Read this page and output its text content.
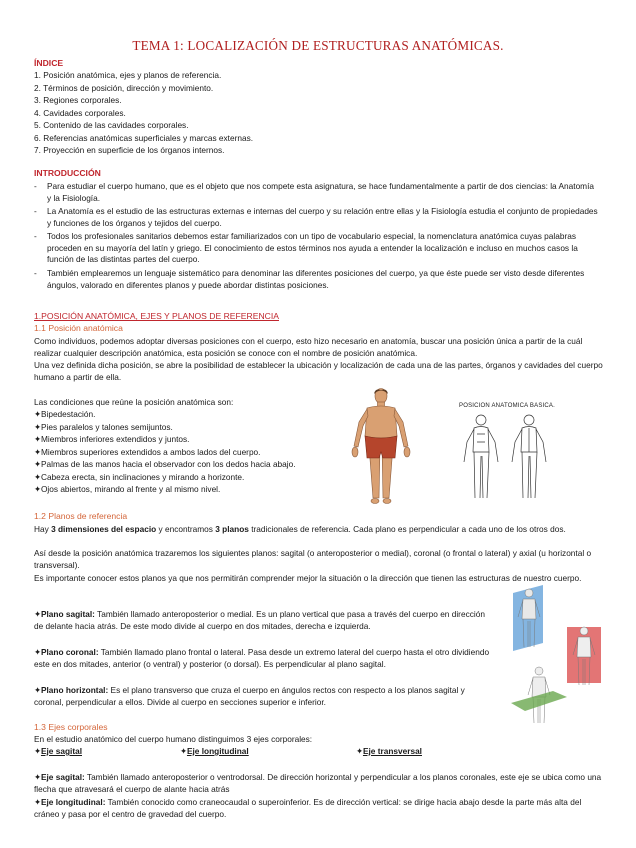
TEMA 1: LOCALIZACIÓN DE ESTRUCTURAS ANATÓMICAS.
ÍNDICE
1. Posición anatómica, ejes y planos de referencia.
2. Términos de posición, dirección y movimiento.
3. Regiones corporales.
4. Cavidades corporales.
5. Contenido de las cavidades corporales.
6. Referencias anatómicas superficiales y marcas externas.
7. Proyección en superficie de los órganos internos.
INTRODUCCIÓN
-	Para estudiar el cuerpo humano, que es el objeto que nos compete esta asignatura, se hace fundamentalmente a partir de dos ciencias: la Anatomía y la Fisiología.
-	La Anatomía es el estudio de las estructuras externas e internas del cuerpo y su relación entre ellas y la Fisiología estudia el conjunto de propiedades y funciones de los órganos y tejidos del cuerpo.
-	Todos los profesionales sanitarios debemos estar familiarizados con un tipo de vocabulario especial, la nomenclatura anatómica cuyas palabras proceden en su mayoría del latín y griego. El conocimiento de estos términos nos ayuda a entender la localización e incluso en muchos casos la función de las distintas partes del cuerpo.
-	También emplearemos un lenguaje sistemático para denominar las diferentes posiciones del cuerpo, ya que éste puede ser visto desde diferentes ángulos, valorado en diferentes planos y puede abordar distintas posiciones.
1.POSICIÓN ANATÓMICA, EJES Y PLANOS DE REFERENCIA
1.1 Posición anatómica
Como individuos, podemos adoptar diversas posiciones con el cuerpo, esto hizo necesario en anatomía, buscar una posición única a partir de la cuál realizar cualquier descripción anatómica, esta posición se conoce con el nombre de posición anatómica.
Una vez definida dicha posición, se abre la posibilidad de establecer la ubicación y localización de cada una de las partes, órganos y cavidades del cuerpo humano a partir de ella.
Las condiciones que reúne la posición anatómica son:
✦Bipedestación.
✦Pies paralelos y talones semijuntos.
✦Miembros inferiores extendidos y juntos.
✦Miembros superiores extendidos a ambos lados del cuerpo.
✦Palmas de las manos hacia el observador con los dedos hacia abajo.
✦Cabeza erecta, sin inclinaciones y mirando a horizonte.
✦Ojos abiertos, mirando al frente y al mismo nivel.
POSICION ANATOMICA BASICA.
1.2 Planos de referencia
Hay 3 dimensiones del espacio y encontramos 3 planos tradicionales de referencia. Cada plano es perpendicular a cada uno de los otros dos.
Así desde la posición anatómica trazaremos los siguientes planos: sagital (o anteroposterior o medial), coronal (o frontal o lateral) y axial (u horizontal o transversal).
Es importante conocer estos planos ya que nos permitirán comprender mejor la situación o la dirección que tienen las estructuras de nuestro cuerpo.
✦Plano sagital: También llamado anteroposterior o medial. Es un plano vertical que pasa a través del cuerpo en dirección de delante hacia atrás. De este modo divide al cuerpo en dos mitades, derecha e izquierda.
✦Plano coronal: También llamado plano frontal o lateral. Pasa desde un extremo lateral del cuerpo hasta el otro dividiendo este en dos mitades, anterior (o ventral) y posterior (o dorsal). Es perpendicular al plano sagital.
✦Plano horizontal: Es el plano transverso que cruza el cuerpo en ángulos rectos con respecto a los planos sagital y coronal, perpendicular a ellos. Divide al cuerpo en secciones superior e inferior.
1.3 Ejes corporales
En el estudio anatómico del cuerpo humano distinguimos 3 ejes corporales:
✦Eje sagital	✦Eje longitudinal	✦Eje transversal
✦Eje sagital: También llamado anteroposterior o ventrodorsal. De dirección horizontal y perpendicular a los planos coronales, este eje se ubica como una flecha que atravesará el cuerpo de alante hacia atrás
✦Eje longitudinal: También conocido como craneocaudal o superoinferior. Es de dirección vertical: se dirige hacia abajo desde la parte más alta del cráneo y pasa por el centro de gravedad del cuerpo.
